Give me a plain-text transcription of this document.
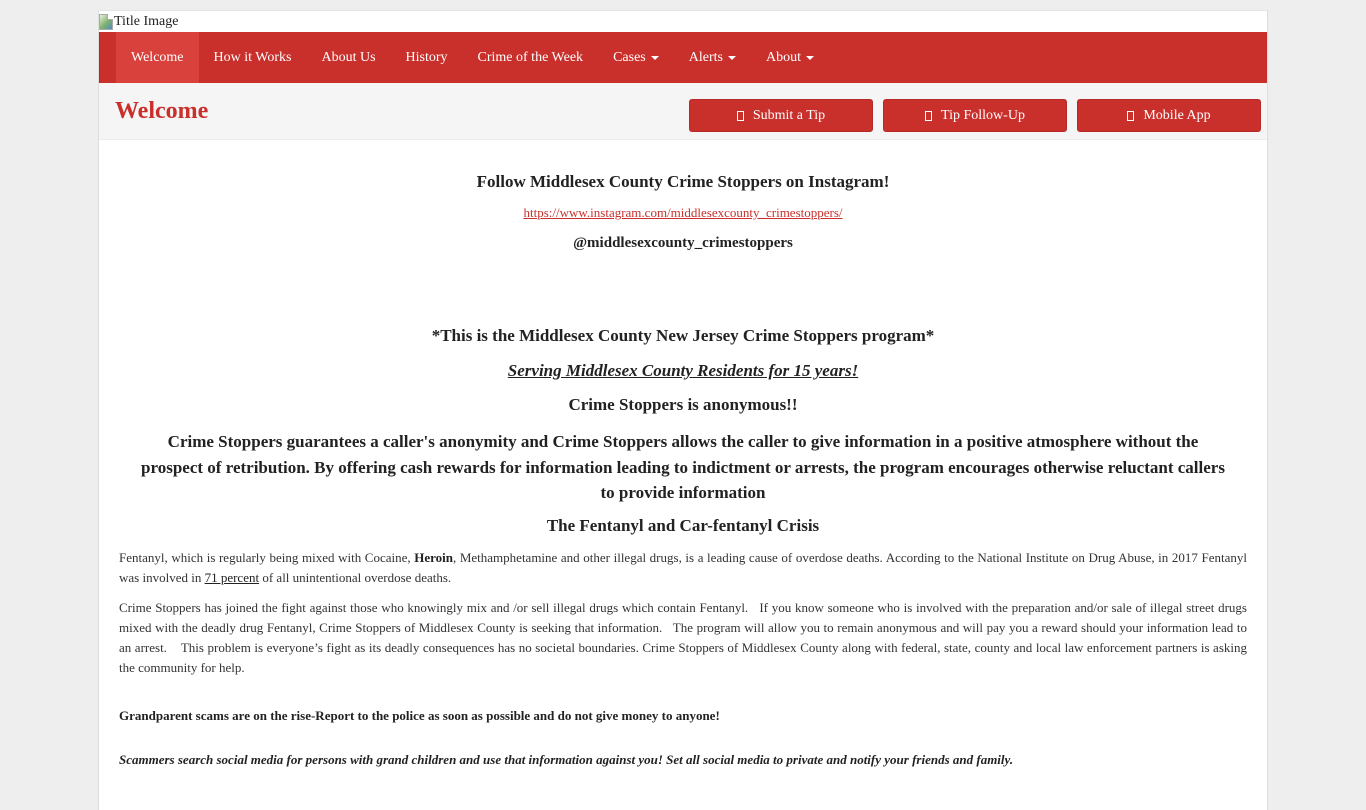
Title Image
Welcome How it Works About Us History Crime of the Week Cases	Alerts	About
Welcome	Submit a Tip	Tip Follow-Up	Mobile App
Follow Middlesex County Crime Stoppers on Instagram!
https://www.instagram.com/middlesexcounty_crimestoppers/
@middlesexcounty_crimestoppers
*This is the Middlesex County New Jersey Crime Stoppers program*
Serving Middlesex County Residents for 15 years!
Crime Stoppers is anonymous!!
Crime Stoppers guarantees a caller's anonymity and Crime Stoppers allows the caller to give information in a positive atmosphere without the prospect of retribution. By offering cash rewards for information leading to indictment or arrests, the program encourages otherwise reluctant callers to provide information
The Fentanyl and Car-fentanyl Crisis

Fentanyl, which is regularly being mixed with Cocaine, Heroin, Methamphetamine and other illegal drugs, is a leading cause of overdose deaths. According to the National Institute on Drug Abuse, in 2017 Fentanyl was involved in 71 percent of all unintentional overdose deaths.

Crime Stoppers has joined the fight against those who knowingly mix and /or sell illegal drugs which contain Fentanyl.   If you know someone who is involved with the preparation and/or sale of illegal street drugs mixed with the deadly drug Fentanyl, Crime Stoppers of Middlesex County is seeking that information.   The program will allow you to remain anonymous and will pay you a reward should your information lead to an arrest.    This problem is everyone’s fight as its deadly consequences has no societal boundaries. Crime Stoppers of Middlesex County along with federal, state, county and local law enforcement partners is asking the community for help.

Grandparent scams are on the rise-Report to the police as soon as possible and do not give money to anyone!

Scammers search social media for persons with grand children and use that information against you! Set all social media to private and notify your friends and family.
